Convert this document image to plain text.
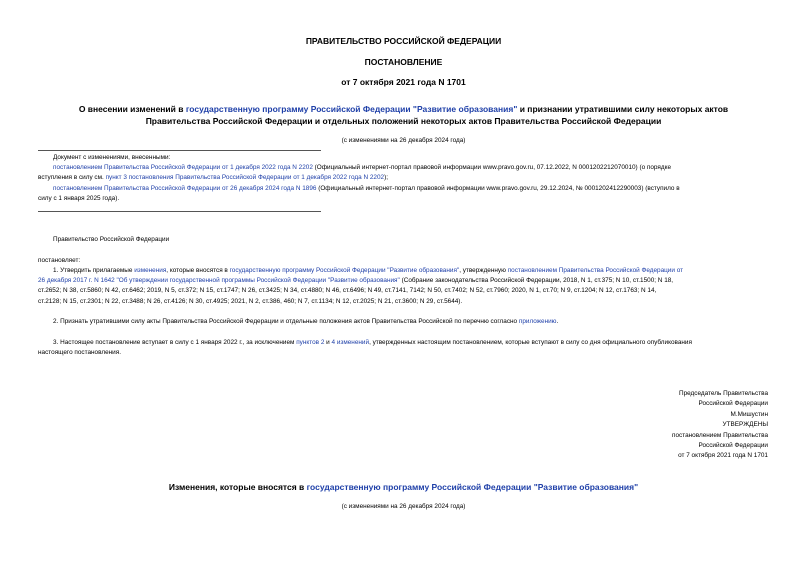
ПРАВИТЕЛЬСТВО РОССИЙСКОЙ ФЕДЕРАЦИИ
ПОСТАНОВЛЕНИЕ
от 7 октября 2021 года N 1701
О внесении изменений в государственную программу Российской Федерации "Развитие образования" и признании утратившими силу некоторых актов
Правительства Российской Федерации и отдельных положений некоторых актов Правительства Российской Федерации
(с изменениями на 26 декабря 2024 года)
Документ с изменениями, внесенными:
постановлением Правительства Российской Федерации от 1 декабря 2022 года N 2202 (Официальный интернет-портал правовой информации www.pravo.gov.ru, 07.12.2022, N 0001202212070010) (о порядке
вступления в силу см. пункт 3 постановления Правительства Российской Федерации от 1 декабря 2022 года N 2202);
постановлением Правительства Российской Федерации от 26 декабря 2024 года N 1896 (Официальный интернет-портал правовой информации www.pravo.gov.ru, 29.12.2024, № 0001202412290003) (вступило в
силу с 1 января 2025 года).
Правительство Российской Федерации
постановляет:
1. Утвердить прилагаемые изменения, которые вносятся в государственную программу Российской Федерации "Развитие образования", утвержденную постановлением Правительства Российской Федерации от
26 декабря 2017 г. N 1642 "Об утверждении государственной программы Российской Федерации "Развитие образования" (Собрание законодательства Российской Федерации, 2018, N 1, ст.375; N 10, ст.1500; N 18,
ст.2652; N 38, ст.5860; N 42, ст.6462; 2019, N 5, ст.372; N 15, ст.1747; N 26, ст.3425; N 34, ст.4880; N 46, ст.6496; N 49, ст.7141, 7142; N 50, ст.7402; N 52, ст.7960; 2020, N 1, ст.70; N 9, ст.1204; N 12, ст.1763; N 14,
ст.2128; N 15, ст.2301; N 22, ст.3488; N 26, ст.4126; N 30, ст.4925; 2021, N 2, ст.386, 460; N 7, ст.1134; N 12, ст.2025; N 21, ст.3600; N 29, ст.5644).
2. Признать утратившими силу акты Правительства Российской Федерации и отдельные положения актов Правительства Российской по перечню согласно приложению.
3. Настоящее постановление вступает в силу с 1 января 2022 г., за исключением пунктов 2 и 4 изменений, утвержденных настоящим постановлением, которые вступают в силу со дня официального опубликования
настоящего постановления.
Председатель Правительства
Российской Федерации
М.Мишустин
УТВЕРЖДЕНЫ
постановлением Правительства
Российской Федерации
от 7 октября 2021 года N 1701
Изменения, которые вносятся в государственную программу Российской Федерации "Развитие образования"
(с изменениями на 26 декабря 2024 года)
